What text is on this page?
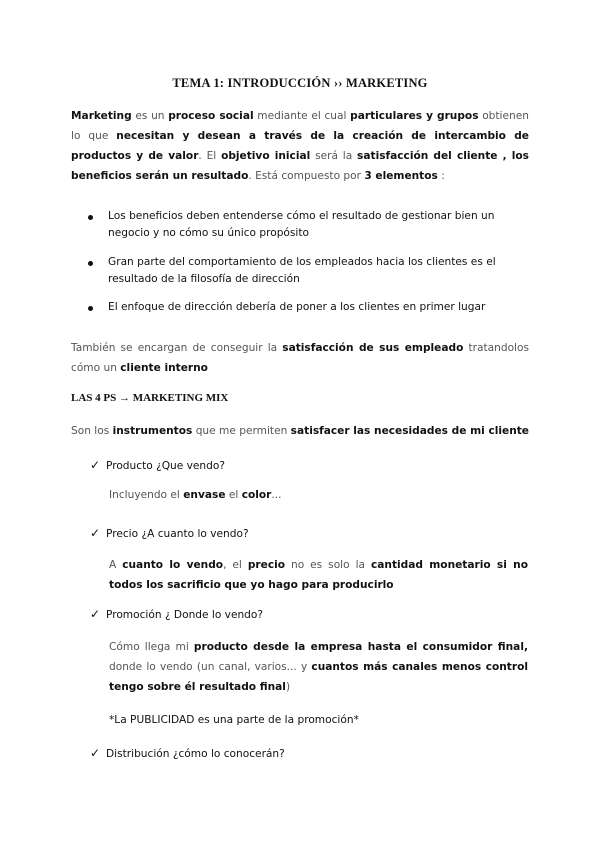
TEMA 1: INTRODUCCIÓN ›› MARKETING
Marketing es un proceso social mediante el cual particulares y grupos obtienen lo que necesitan y desean a través de la creación de intercambio de productos y de valor. El objetivo inicial será la satisfacción del cliente , los beneficios serán un resultado. Está compuesto por 3 elementos :
Los beneficios deben entenderse cómo el resultado de gestionar bien un negocio y no cómo su único propósito
Gran parte del comportamiento de los empleados hacia los clientes es el resultado de la filosofía de dirección
El enfoque de dirección debería de poner a los clientes en primer lugar
También se encargan de conseguir la satisfacción de sus empleado tratandolos cómo un cliente interno
LAS 4 PS → MARKETING MIX
Son los instrumentos que me permiten satisfacer las necesidades de mi cliente
✓ Producto ¿Que vendo?
Incluyendo el envase el color...
✓ Precio ¿A cuanto lo vendo?
A cuanto lo vendo, el precio no es solo la cantidad monetario si no todos los sacrificio que yo hago para producirlo
✓ Promoción ¿ Donde lo vendo?
Cómo llega mi producto desde la empresa hasta el consumidor final, donde lo vendo (un canal, varios... y cuantos más canales menos control tengo sobre él resultado final)
*La PUBLICIDAD es una parte de la promoción*
✓ Distribución ¿cómo lo conocerán?
